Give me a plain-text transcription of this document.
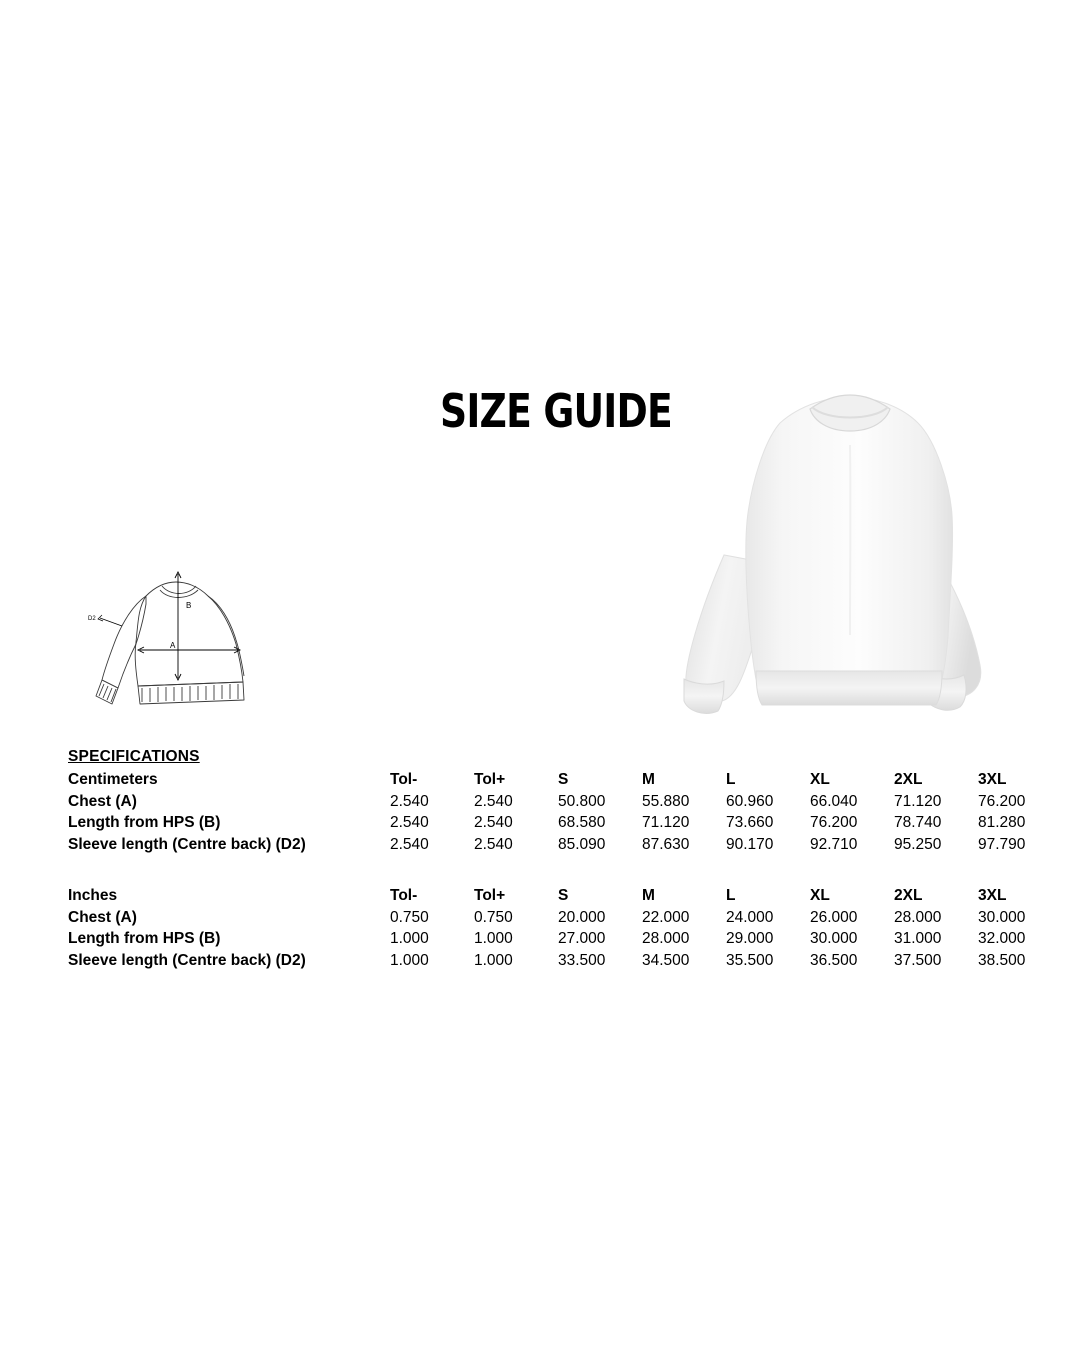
SIZE GUIDE
B
A
D2
SPECIFICATIONS
Centimeters	Tol-	Tol+	S	M	L	XL	2XL	3XL
Chest (A)	2.540	2.540	50.800	55.880	60.960	66.040	71.120	76.200
Length from HPS (B)	2.540	2.540	68.580	71.120	73.660	76.200	78.740	81.280
Sleeve length (Centre back) (D2)	2.540	2.540	85.090	87.630	90.170	92.710	95.250	97.790

Inches	Tol-	Tol+	S	M	L	XL	2XL	3XL
Chest (A)	0.750	0.750	20.000	22.000	24.000	26.000	28.000	30.000
Length from HPS (B)	1.000	1.000	27.000	28.000	29.000	30.000	31.000	32.000
Sleeve length (Centre back) (D2)	1.000	1.000	33.500	34.500	35.500	36.500	37.500	38.500
